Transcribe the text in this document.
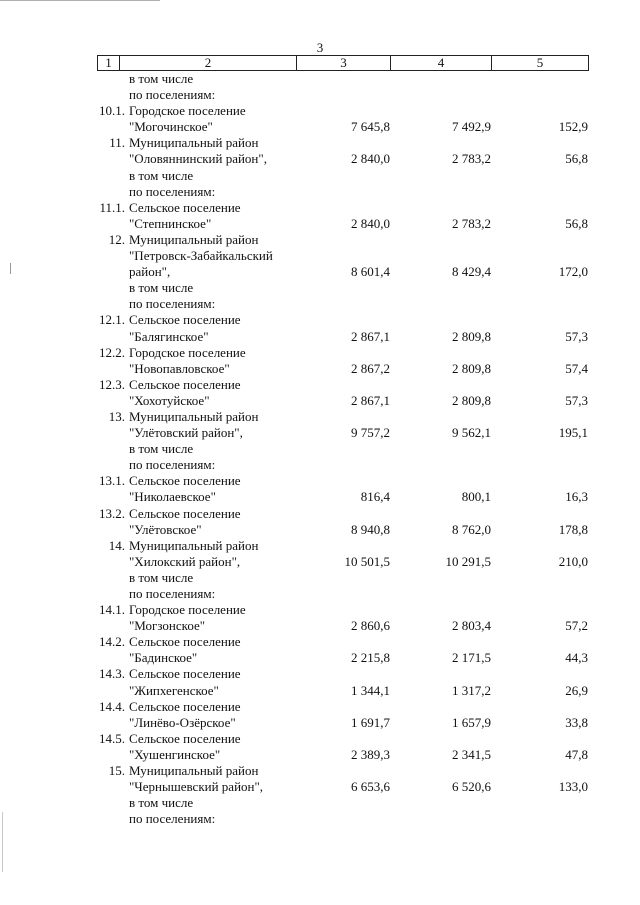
3
1	2	3	4	5
в том числе
по поселениям:
10.1. Городское поселение
"Могочинское"	7 645,8	7 492,9	152,9
11. Муниципальный район
"Оловяннинский район",	2 840,0	2 783,2	56,8
в том числе
по поселениям:
11.1. Сельское поселение
"Степнинское"	2 840,0	2 783,2	56,8
12. Муниципальный район
"Петровск-Забайкальский
район",	8 601,4	8 429,4	172,0
в том числе
по поселениям:
12.1. Сельское поселение
"Балягинское"	2 867,1	2 809,8	57,3
12.2. Городское поселение
"Новопавловское"	2 867,2	2 809,8	57,4
12.3. Сельское поселение
"Хохотуйское"	2 867,1	2 809,8	57,3
13. Муниципальный район
"Улётовский район",	9 757,2	9 562,1	195,1
в том числе
по поселениям:
13.1. Сельское поселение
"Николаевское"	816,4	800,1	16,3
13.2. Сельское поселение
"Улётовское"	8 940,8	8 762,0	178,8
14. Муниципальный район
"Хилокский район",	10 501,5	10 291,5	210,0
в том числе
по поселениям:
14.1. Городское поселение
"Могзонское"	2 860,6	2 803,4	57,2
14.2. Сельское поселение
"Бадинское"	2 215,8	2 171,5	44,3
14.3. Сельское поселение
"Жипхегенское"	1 344,1	1 317,2	26,9
14.4. Сельское поселение
"Линёво-Озёрское"	1 691,7	1 657,9	33,8
14.5. Сельское поселение
"Хушенгинское"	2 389,3	2 341,5	47,8
15. Муниципальный район
"Чернышевский район",	6 653,6	6 520,6	133,0
в том числе
по поселениям:
